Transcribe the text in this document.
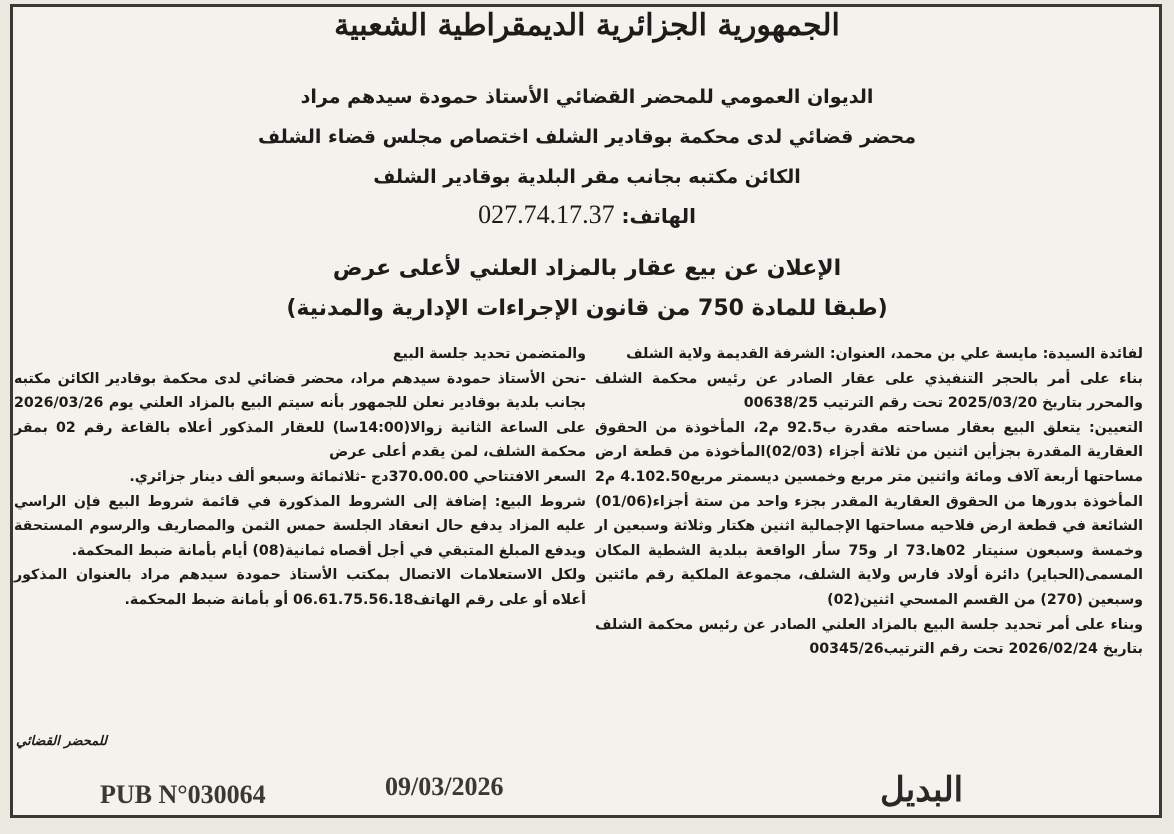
الجمهورية الجزائرية الديمقراطية الشعبية
الديوان العمومي للمحضر القضائي الأستاذ حمودة سيدهم مراد
محضر قضائي لدى محكمة بوقادير الشلف اختصاص مجلس قضاء الشلف
الكائن مكتبه بجانب مقر البلدية بوقادير الشلف
الهاتف: 027.74.17.37
الإعلان عن بيع عقار بالمزاد العلني لأعلى عرض
(طبقا للمادة 750 من قانون الإجراءات الإدارية والمدنية)

لفائدة السيدة: مايسة علي بن محمد، العنوان: الشرفة القديمة ولاية الشلف

بناء على أمر بالحجر التنفيذي على عقار الصادر عن رئيس محكمة الشلف والمحرر بتاريخ 2025/03/20 تحت رقم الترتيب 00638/25

التعيين: يتعلق البيع بعقار مساحته مقدرة ب92.5 م2، المأخوذة من الحقوق العقارية المقدرة بجزأين اثنين من ثلاثة أجزاء (02/03)المأخوذة من قطعة ارض مساحتها أربعة آلاف ومائة واثنين متر مربع وخمسين ديسمتر مربع4.102.50 م2 المأخوذة بدورها من الحقوق العقارية المقدر بجزء واحد من ستة أجزاء(01/06) الشائعة في قطعة ارض فلاحيه مساحتها الإجمالية اثنين هكتار وثلاثة وسبعين ار وخمسة وسبعون سنيتار 02ها.73 ار و75 سأر الواقعة ببلدية الشطية المكان المسمى(الحباير) دائرة أولاد فارس ولاية الشلف، مجموعة الملكية رقم مائتين وسبعين (270) من القسم المسحي اثنين(02)

وبناء على أمر تحديد جلسة البيع بالمزاد العلني الصادر عن رئيس محكمة الشلف بتاريخ 2026/02/24 تحت رقم الترتيب00345/26

والمتضمن تحديد جلسة البيع

-نحن الأستاذ حمودة سيدهم مراد، محضر قضائي لدى محكمة بوقادير الكائن مكتبه بجانب بلدية بوقادير نعلن للجمهور بأنه سيتم البيع بالمزاد العلني يوم 2026/03/26 على الساعة الثانية زوالا(14:00سا) للعقار المذكور أعلاه بالقاعة رقم 02 بمقر محكمة الشلف، لمن يقدم أعلى عرض

السعر الافتتاحي 370.00.00دج -ثلاثمائة وسبعو ألف دينار جزائري.

شروط البيع: إضافة إلى الشروط المذكورة في قائمة شروط البيع فإن الراسي عليه المزاد يدفع حال انعقاد الجلسة حمس الثمن والمصاريف والرسوم المستحقة ويدفع المبلغ المتبقي في أجل أقصاه ثمانية(08) أيام بأمانة ضبط المحكمة.

ولكل الاستعلامات الاتصال بمكتب الأستاذ حمودة سيدهم مراد بالعنوان المذكور أعلاه أو على رقم الهاتف06.61.75.56.18 أو بأمانة ضبط المحكمة.

للمحضر القضائي
PUB N°030064	09/03/2026	البديل
